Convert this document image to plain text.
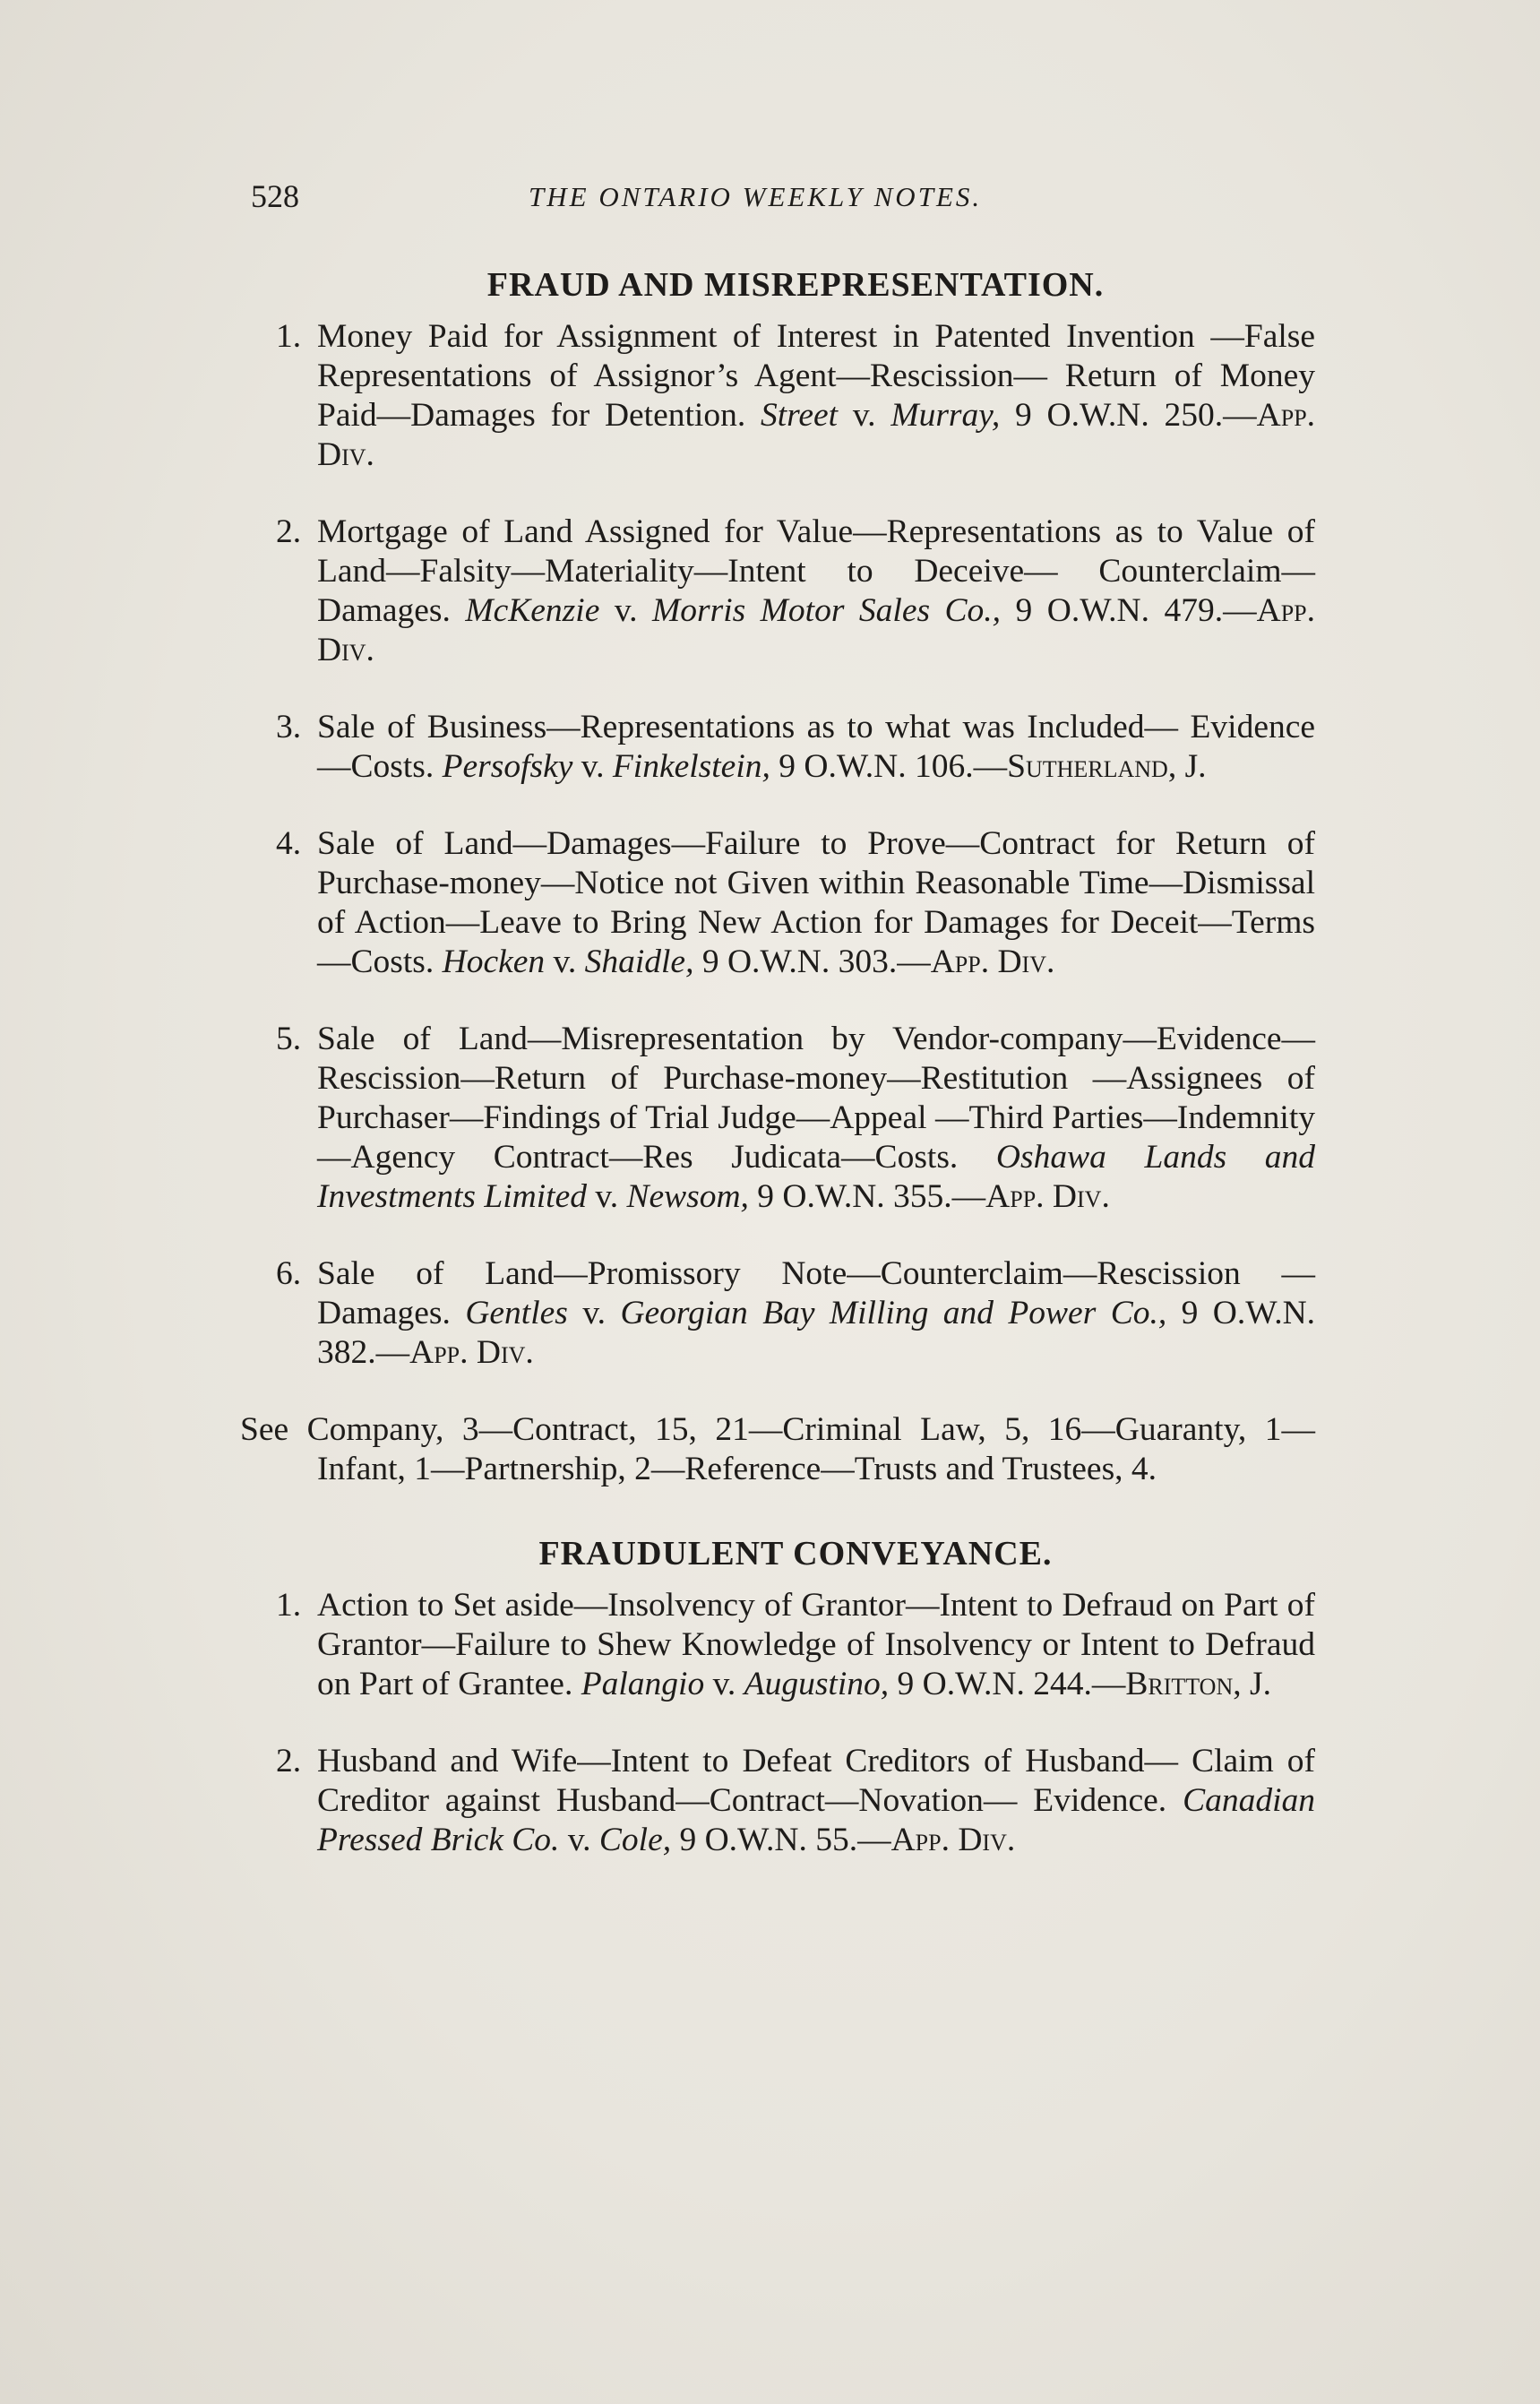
528	THE ONTARIO WEEKLY NOTES.
FRAUD AND MISREPRESENTATION.

1. Money Paid for Assignment of Interest in Patented Invention —False Representations of Assignor’s Agent—Rescission— Return of Money Paid—Damages for Detention. Street v. Murray, 9 O.W.N. 250.—App. Div.

2. Mortgage of Land Assigned for Value—Representations as to Value of Land—Falsity—Materiality—Intent to Deceive— Counterclaim—Damages. McKenzie v. Morris Motor Sales Co., 9 O.W.N. 479.—App. Div.

3. Sale of Business—Representations as to what was Included— Evidence—Costs. Persofsky v. Finkelstein, 9 O.W.N. 106.—Sutherland, J.

4. Sale of Land—Damages—Failure to Prove—Contract for Return of Purchase-money—Notice not Given within Reasonable Time—Dismissal of Action—Leave to Bring New Action for Damages for Deceit—Terms—Costs. Hocken v. Shaidle, 9 O.W.N. 303.—App. Div.

5. Sale of Land—Misrepresentation by Vendor-company—Evidence—Rescission—Return of Purchase-money—Restitution —Assignees of Purchaser—Findings of Trial Judge—Appeal —Third Parties—Indemnity—Agency Contract—Res Judicata—Costs. Oshawa Lands and Investments Limited v. Newsom, 9 O.W.N. 355.—App. Div.

6. Sale of Land—Promissory Note—Counterclaim—Rescission —Damages. Gentles v. Georgian Bay Milling and Power Co., 9 O.W.N. 382.—App. Div.

See Company, 3—Contract, 15, 21—Criminal Law, 5, 16—Guaranty, 1—Infant, 1—Partnership, 2—Reference—Trusts and Trustees, 4.

FRAUDULENT CONVEYANCE.

1. Action to Set aside—Insolvency of Grantor—Intent to Defraud on Part of Grantor—Failure to Shew Knowledge of Insolvency or Intent to Defraud on Part of Grantee. Palangio v. Augustino, 9 O.W.N. 244.—Britton, J.

2. Husband and Wife—Intent to Defeat Creditors of Husband— Claim of Creditor against Husband—Contract—Novation— Evidence. Canadian Pressed Brick Co. v. Cole, 9 O.W.N. 55.—App. Div.
